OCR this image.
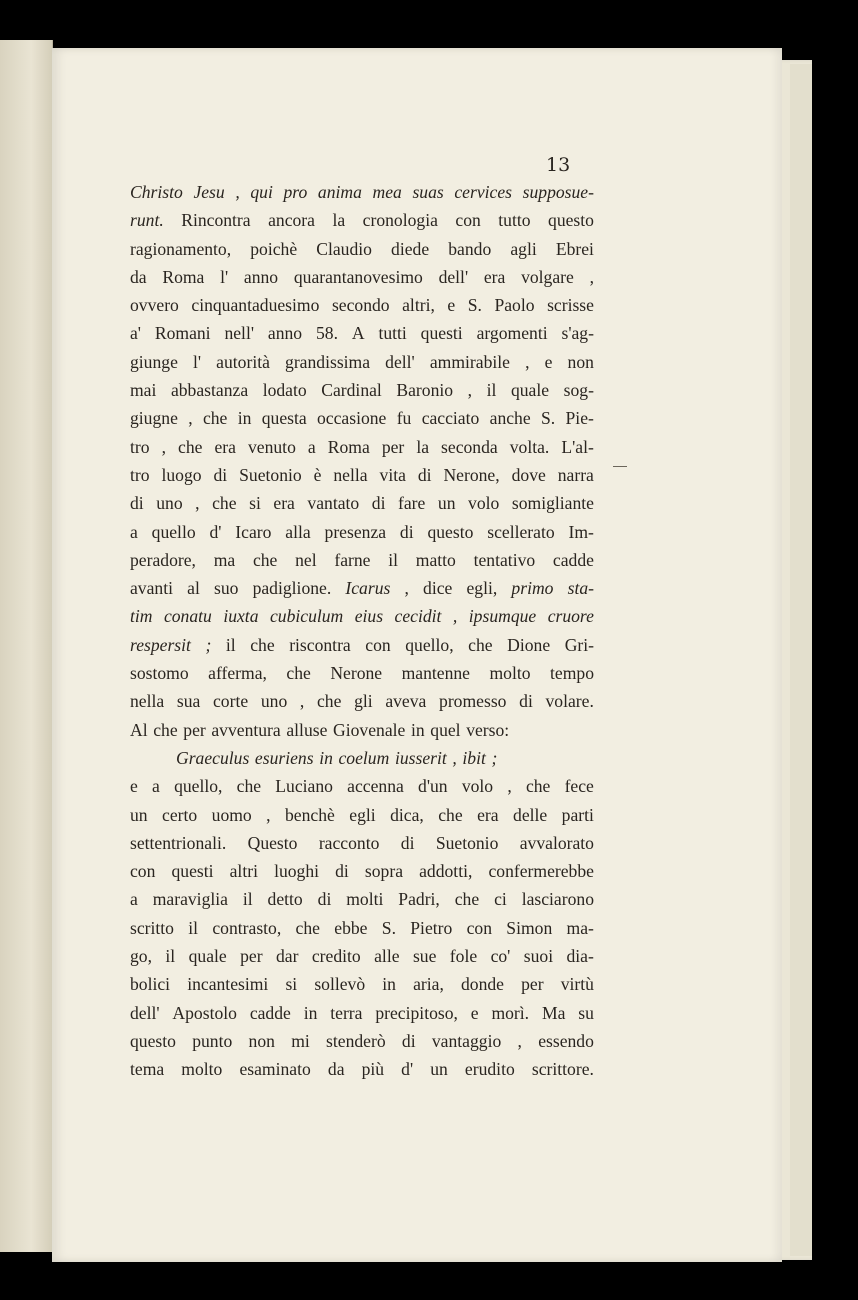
13
Christo Jesu , qui pro anima mea suas cervices supposue-
runt. Rincontra ancora la cronologia con tutto questo
ragionamento, poichè Claudio diede bando agli Ebrei
da Roma l' anno quarantanovesimo dell' era volgare ,
ovvero cinquantaduesimo secondo altri, e S. Paolo scrisse
a' Romani nell' anno 58. A tutti questi argomenti s'ag-
giunge l' autorità grandissima dell' ammirabile , e non
mai abbastanza lodato Cardinal Baronio , il quale sog-
giugne , che in questa occasione fu cacciato anche S. Pie-
tro , che era venuto a Roma per la seconda volta. L'al-
tro luogo di Suetonio è nella vita di Nerone, dove narra
di uno , che si era vantato di fare un volo somigliante
a quello d' Icaro alla presenza di questo scellerato Im-
peradore, ma che nel farne il matto tentativo cadde
avanti al suo padiglione. Icarus , dice egli, primo sta-
tim conatu iuxta cubiculum eius cecidit , ipsumque cruore
respersit ; il che riscontra con quello, che Dione Gri-
sostomo afferma, che Nerone mantenne molto tempo
nella sua corte uno , che gli aveva promesso di volare.
Al che per avventura alluse Giovenale in quel verso:
Graeculus esuriens in coelum iusserit , ibit ;
e a quello, che Luciano accenna d'un volo , che fece
un certo uomo , benchè egli dica, che era delle parti
settentrionali. Questo racconto di Suetonio avvalorato
con questi altri luoghi di sopra addotti, confermerebbe
a maraviglia il detto di molti Padri, che ci lasciarono
scritto il contrasto, che ebbe S. Pietro con Simon ma-
go, il quale per dar credito alle sue fole co' suoi dia-
bolici incantesimi si sollevò in aria, donde per virtù
dell' Apostolo cadde in terra precipitoso, e morì. Ma su
questo punto non mi stenderò di vantaggio , essendo
tema molto esaminato da più d' un erudito scrittore.
